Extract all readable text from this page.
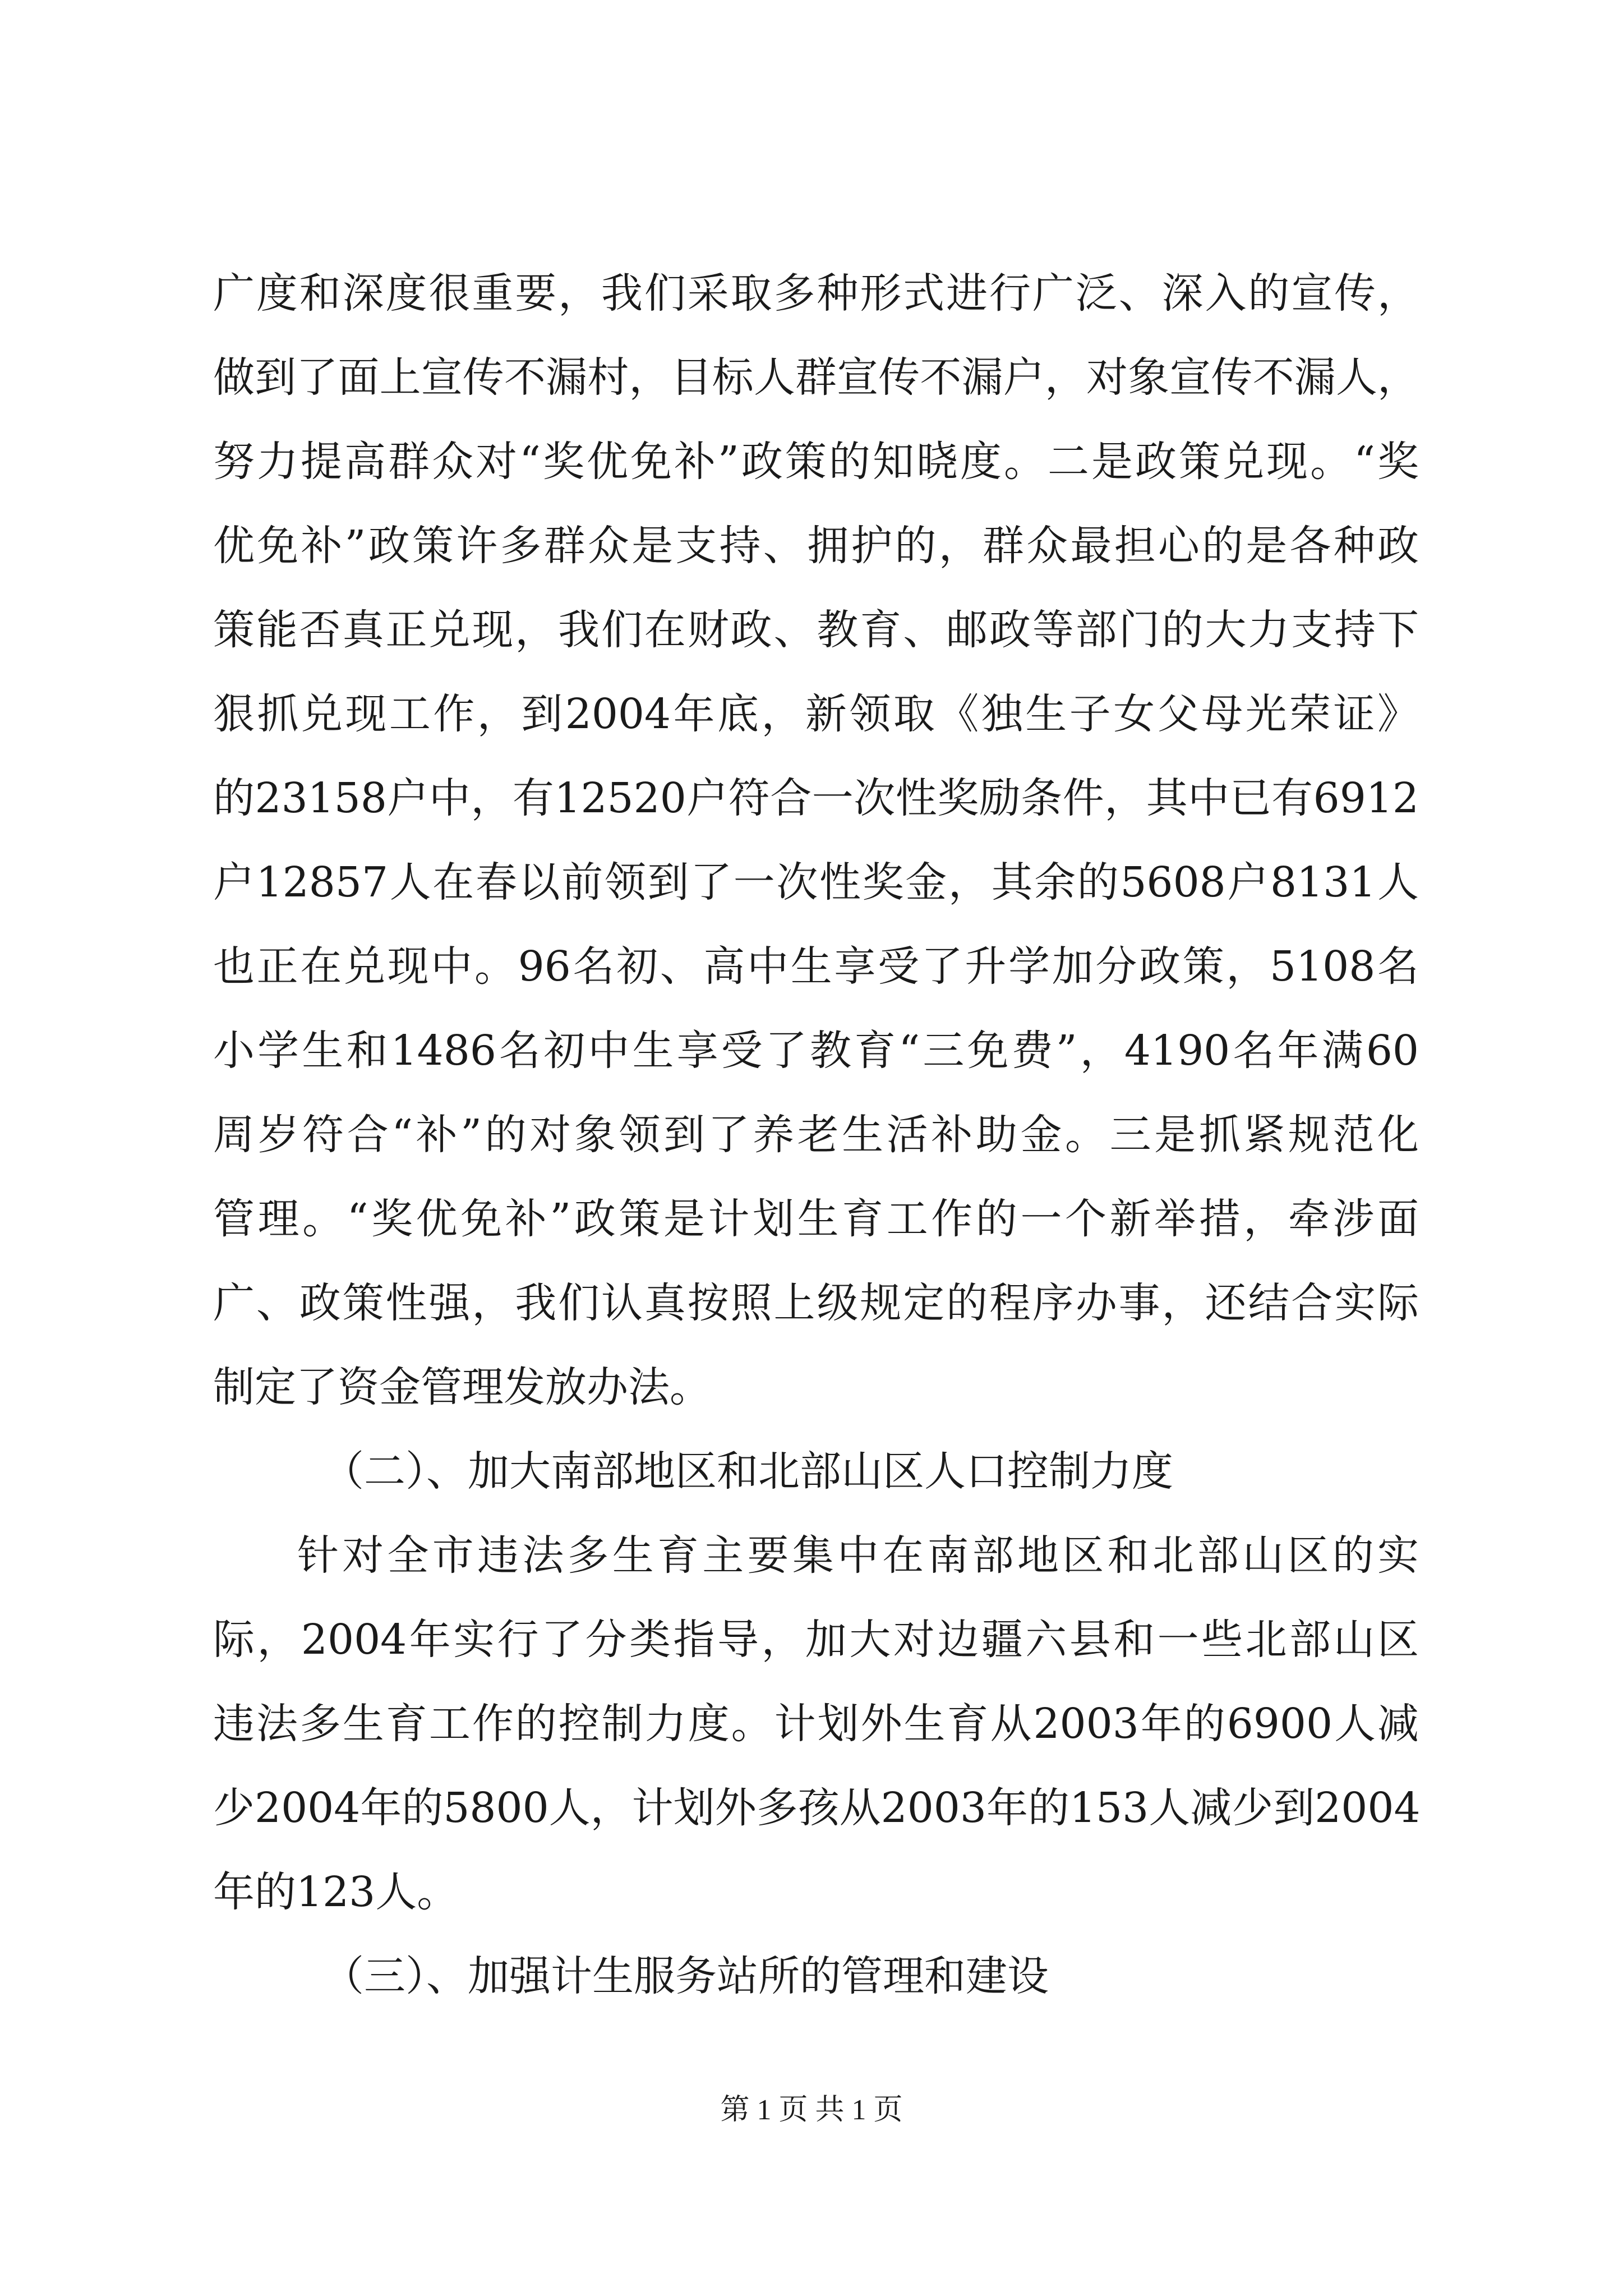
广度和深度很重要，我们采取多种形式进行广泛、深入的宣传，
做到了面上宣传不漏村，目标人群宣传不漏户，对象宣传不漏人，
努力提高群众对“奖优免补”政策的知晓度。二是政策兑现。“奖
优免补”政策许多群众是支持、拥护的，群众最担心的是各种政
策能否真正兑现，我们在财政、教育、邮政等部门的大力支持下
狠抓兑现工作，到2004年底，新领取《独生子女父母光荣证》
的23158户中，有12520户符合一次性奖励条件，其中已有6912
户12857人在春以前领到了一次性奖金，其余的5608户8131人
也正在兑现中。96名初、高中生享受了升学加分政策，5108名
小学生和1486名初中生享受了教育“三免费”，4190名年满60
周岁符合“补”的对象领到了养老生活补助金。三是抓紧规范化
管理。“奖优免补”政策是计划生育工作的一个新举措，牵涉面
广、政策性强，我们认真按照上级规定的程序办事，还结合实际
制定了资金管理发放办法。
（二）、加大南部地区和北部山区人口控制力度
针对全市违法多生育主要集中在南部地区和北部山区的实
际，2004年实行了分类指导，加大对边疆六县和一些北部山区
违法多生育工作的控制力度。计划外生育从2003年的6900人减
少2004年的5800人，计划外多孩从2003年的153人减少到2004
年的123人。
（三）、加强计生服务站所的管理和建设
第 1 页 共 1 页
